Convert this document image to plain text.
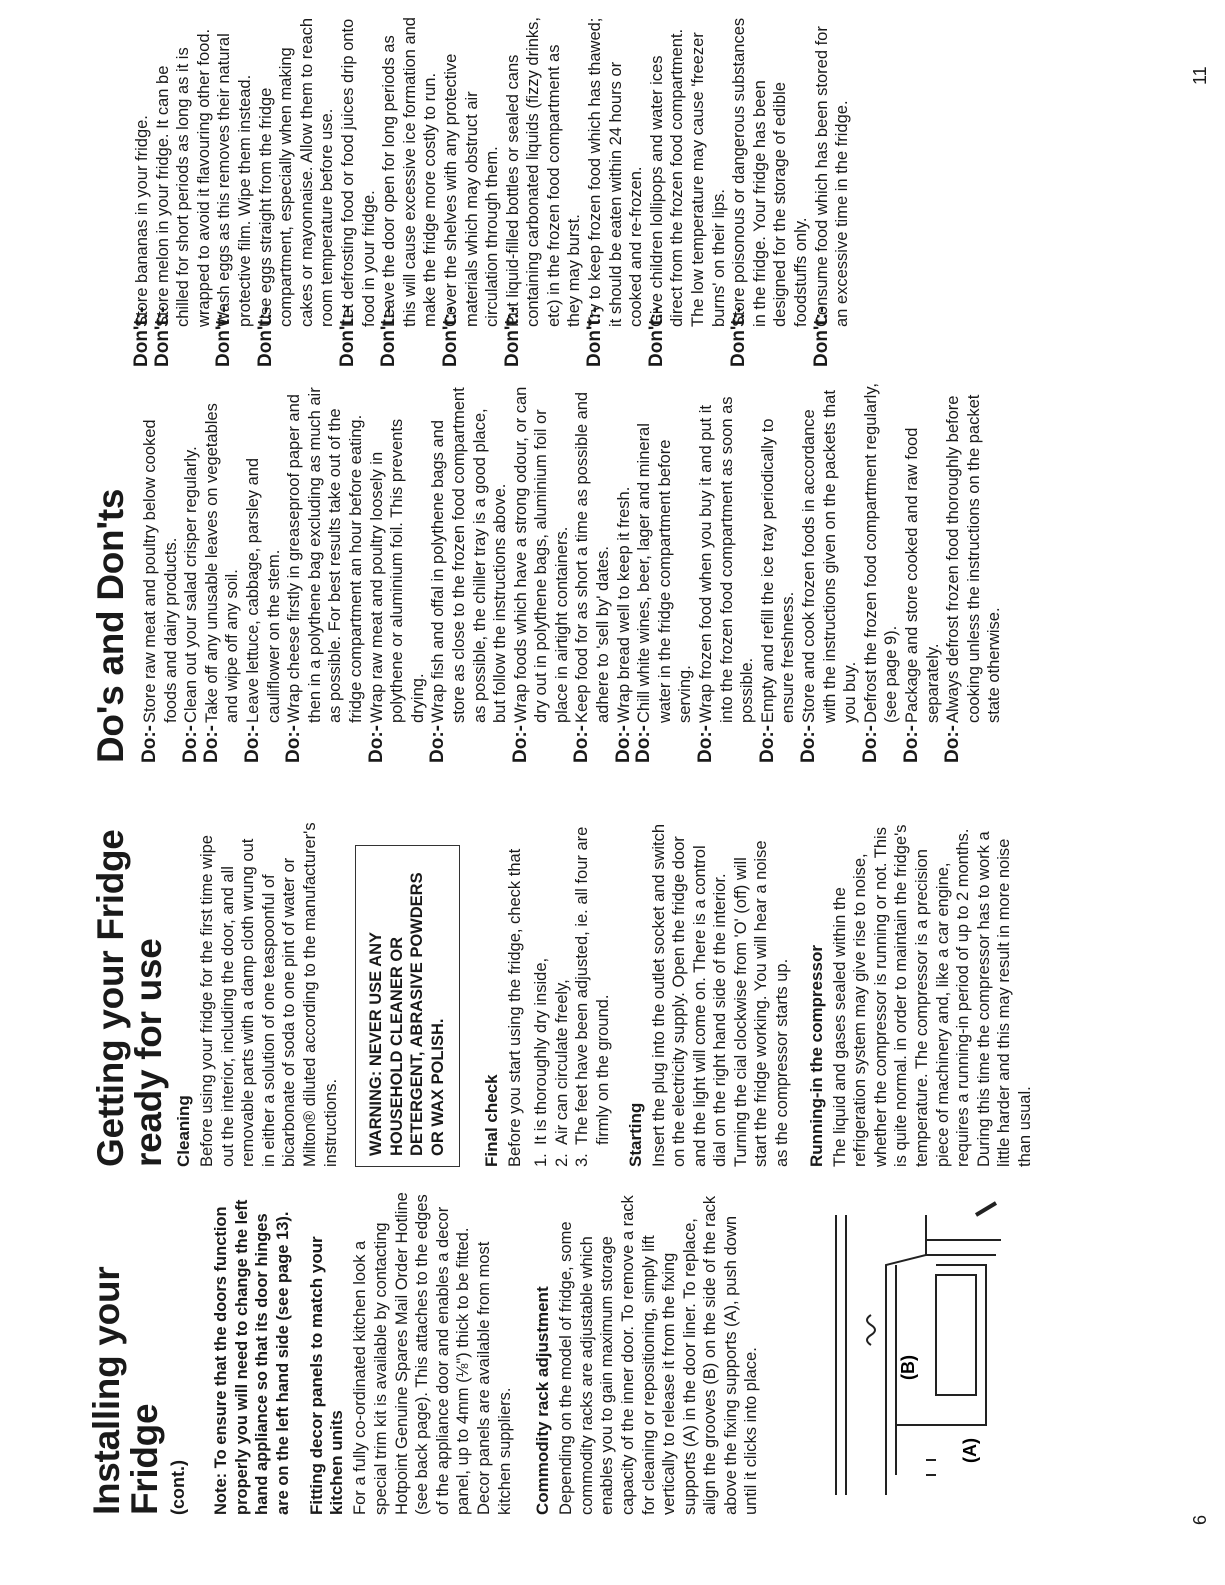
Installing your Fridge (cont.) Note: To ensure that the doors function properly you will need to change the left hand appliance so that its door hinges are on the left hand side (see page 13). Fitting decor panels to match your kitchen units For a fully co-ordinated kitchen look a special trim kit is available by contacting Hotpoint Genuine Spares Mail Order Hotline (see back page). This attaches to the edges of the appliance door and enables a decor panel, up to 4mm (⅛") thick to be fitted. Decor panels are available from most kitchen suppliers. Commodity rack adjustment Depending on the model of fridge, some commodity racks are adjustable which enables you to gain maximum storage capacity of the inner door. To remove a rack for cleaning or repositioning, simply lift vertically to release it from the fixing supports (A) in the door liner. To replace, align the grooves (B) on the side of the rack above the fixing supports (A), push down until it clicks into place.	(A)
(B)
Getting your Fridge
ready for use Cleaning Before using your fridge for the first time wipe out the interior, including the door, and all removable parts with a damp cloth wrung out in either a solution of one teaspoonful of bicarbonate of soda to one pint of water or Milton® diluted according to the manufacturer's instructions.	WARNING: NEVER USE ANY HOUSEHOLD CLEANER OR DETERGENT, ABRASIVE POWDERS OR WAX POLISH.	Final check Before you start using the fridge, check that 1.
It is thoroughly dry inside,
2.
Air can circulate freely,
3.
The feet have been adjusted, ie. all four are firmly on the ground. Starting Insert the plug into the outlet socket and switch on the electricity supply. Open the fridge door and the light will come on. There is a control dial on the right hand side of the interior. Turning the cial clockwise from 'O' (off) will start the fridge working. You will hear a noise as the compressor starts up. Running-in the compressor The liquid and gases sealed within the refrigeration system may give rise to noise, whether the compressor is running or not. This is quite normal. in order to maintain the fridge's temperature. The compressor is a precision piece of machinery and, like a car engine, requires a running-in period of up to 2 months. During this time the compressor has to work a little harder and this may result in more noise than usual.

Do's and Don'ts Do:-
Store raw meat and poultry below cooked foods and dairy products.
Do:-
Clean out your salad crisper regularly.
Do:-
Take off any unusable leaves on vegetables and wipe off any soil.
Do:-
Leave lettuce, cabbage, parsley and cauliflower on the stem.
Do:-
Wrap cheese firstly in greaseproof paper and then in a polythene bag excluding as much air as possible. For best results take out of the fridge compartment an hour before eating.
Do:-
Wrap raw meat and poultry loosely in polythene or aluminium foil. This prevents drying.
Do:-
Wrap fish and offal in polythene bags and store as close to the frozen food compartment as possible, the chiller tray is a good place, but follow the instructions above.
Do:-
Wrap foods which have a strong odour, or can dry out in polythene bags, aluminium foil or place in airtight containers.
Do:-
Keep food for as short a time as possible and adhere to 'sell by' dates.
Do:-
Wrap bread well to keep it fresh.
Do:-
Chill white wines, beer, lager and mineral water in the fridge compartment before serving.
Do:-
Wrap frozen food when you buy it and put it into the frozen food compartment as soon as possible.
Do:-
Empty and refill the ice tray periodically to ensure freshness.
Do:-
Store and cook frozen foods in accordance with the instructions given on the packets that you buy.
Do:-
Defrost the frozen food compartment regularly, (see page 9).
Do:-
Package and store cooked and raw food separately.
Do:-
Always defrost frozen food thoroughly before cooking unless the instructions on the packet state otherwise.
Don't:-
Store bananas in your fridge.
Don't:-
Store melon in your fridge. It can be chilled for short periods as long as it is wrapped to avoid it flavouring other food.
Don't:-
Wash eggs as this removes their natural protective film. Wipe them instead.
Don't:-
Use eggs straight from the fridge compartment, especially when making cakes or mayonnaise. Allow them to reach room temperature before use.
Don't:-
Let defrosting food or food juices drip onto food in your fridge.
Don't:-
Leave the door open for long periods as this will cause excessive ice formation and make the fridge more costly to run.
Don't:-
Cover the shelves with any protective materials which may obstruct air circulation through them.
Don't:-
Put liquid-filled bottles or sealed cans containing carbonated liquids (fizzy drinks, etc) in the frozen food compartment as they may burst.
Don't:-
Try to keep frozen food which has thawed; it should be eaten within 24 hours or cooked and re-frozen.
Don't:-
Give children lollipops and water ices direct from the frozen food compartment. The low temperature may cause 'freezer burns' on their lips.
Don't:-
Store poisonous or dangerous substances in the fridge. Your fridge has been designed for the storage of edible foodstuffs only.
Don't:-
Consume food which has been stored for an excessive time in the fridge.
6
11
